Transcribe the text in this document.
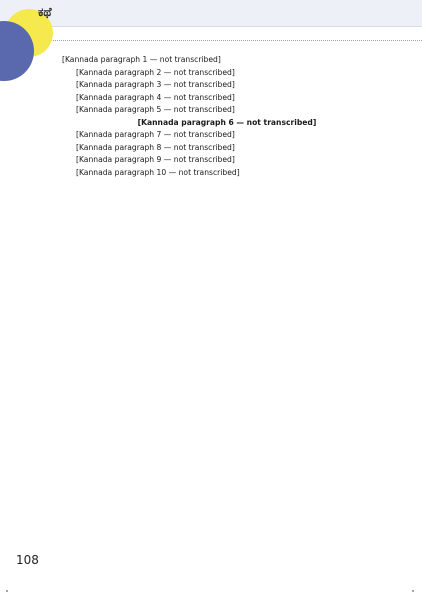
ಕಥೆ

[Kannada paragraph 1 — not transcribed]

[Kannada paragraph 2 — not transcribed]

[Kannada paragraph 3 — not transcribed]

[Kannada paragraph 4 — not transcribed]

[Kannada paragraph 5 — not transcribed]

[Kannada paragraph 6 — not transcribed]

[Kannada paragraph 7 — not transcribed]

[Kannada paragraph 8 — not transcribed]

[Kannada paragraph 9 — not transcribed]

[Kannada paragraph 10 — not transcribed]

108
